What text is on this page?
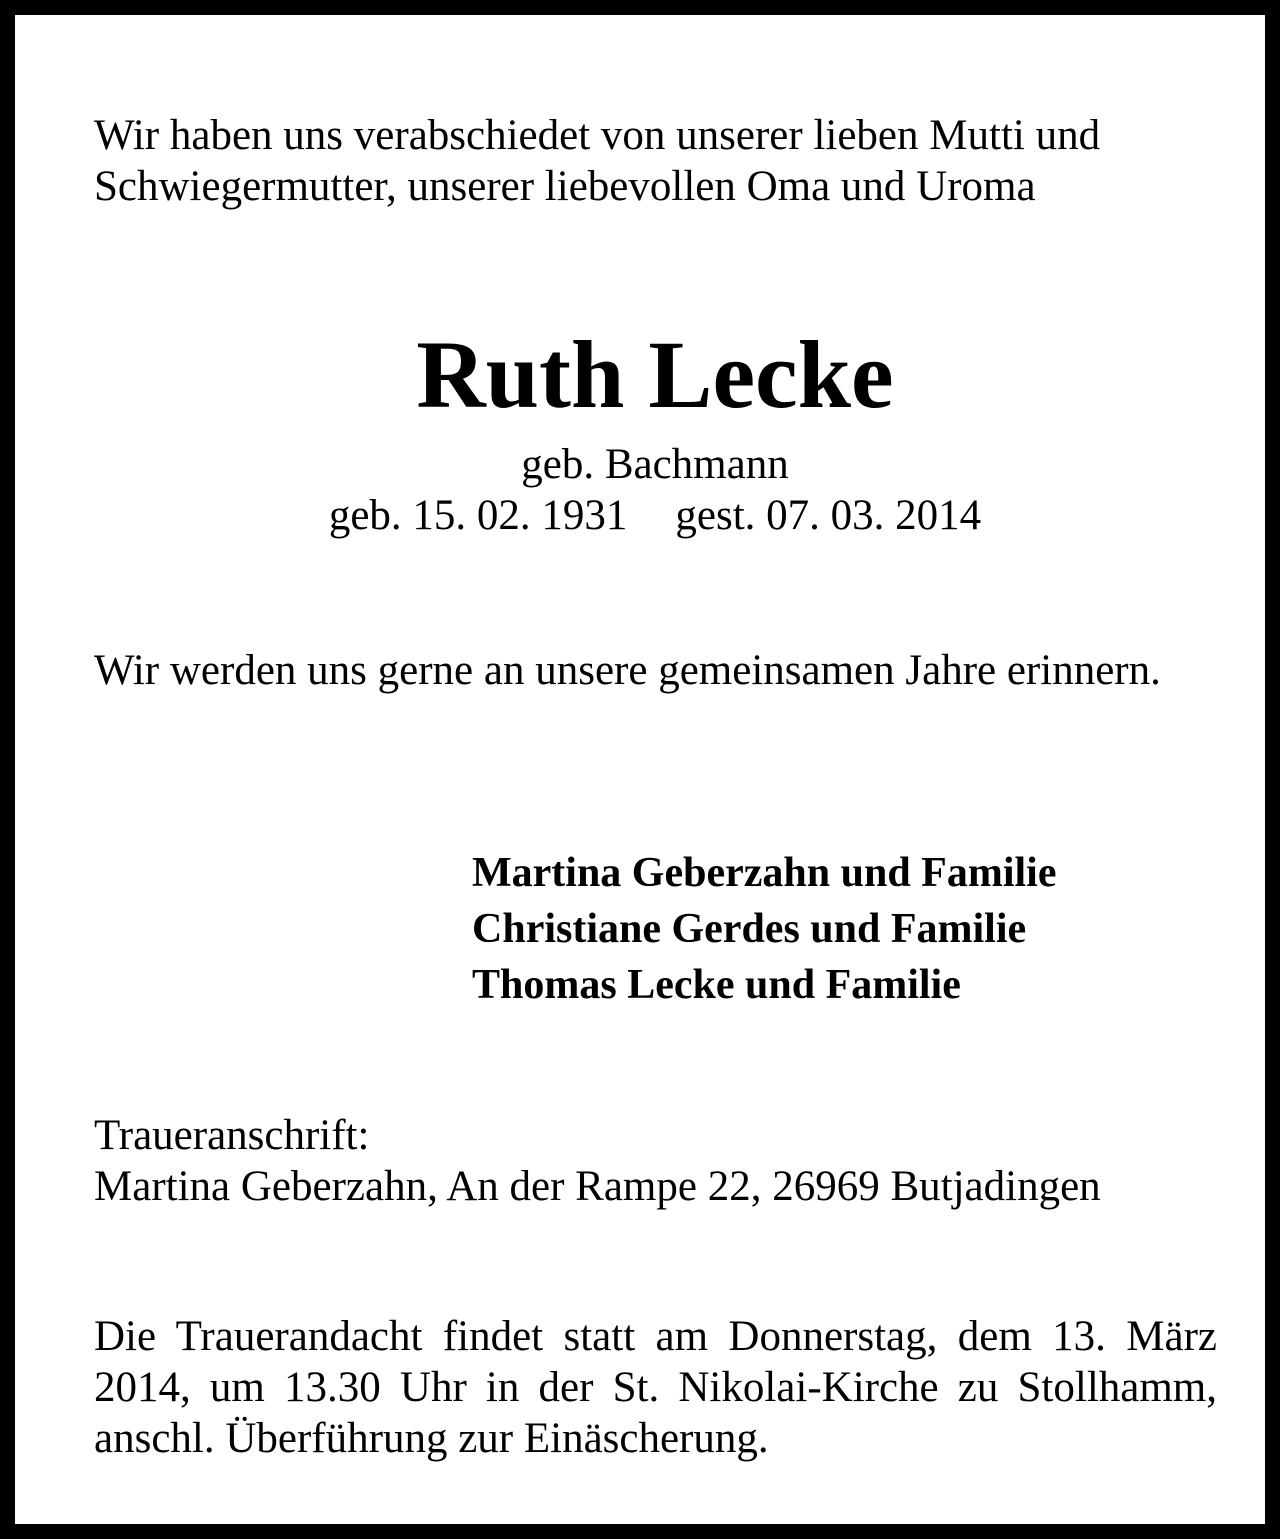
Wir haben uns verabschiedet von unserer lieben Mutti und
Schwiegermutter, unserer liebevollen Oma und Uroma

Ruth Lecke

geb. Bachmann

geb. 15. 02. 1931 gest. 07. 03. 2014

Wir werden uns gerne an unsere gemeinsamen Jahre erinnern.

Martina Geberzahn und Familie
Christiane Gerdes und Familie
Thomas Lecke und Familie

Traueranschrift:
Martina Geberzahn, An der Rampe 22, 26969 Butjadingen

Die Trauerandacht findet statt am Donnerstag, dem 13. März 2014, um 13.30 Uhr in der St. Nikolai-Kirche zu Stollhamm, anschl. Überführung zur Einäscherung.
